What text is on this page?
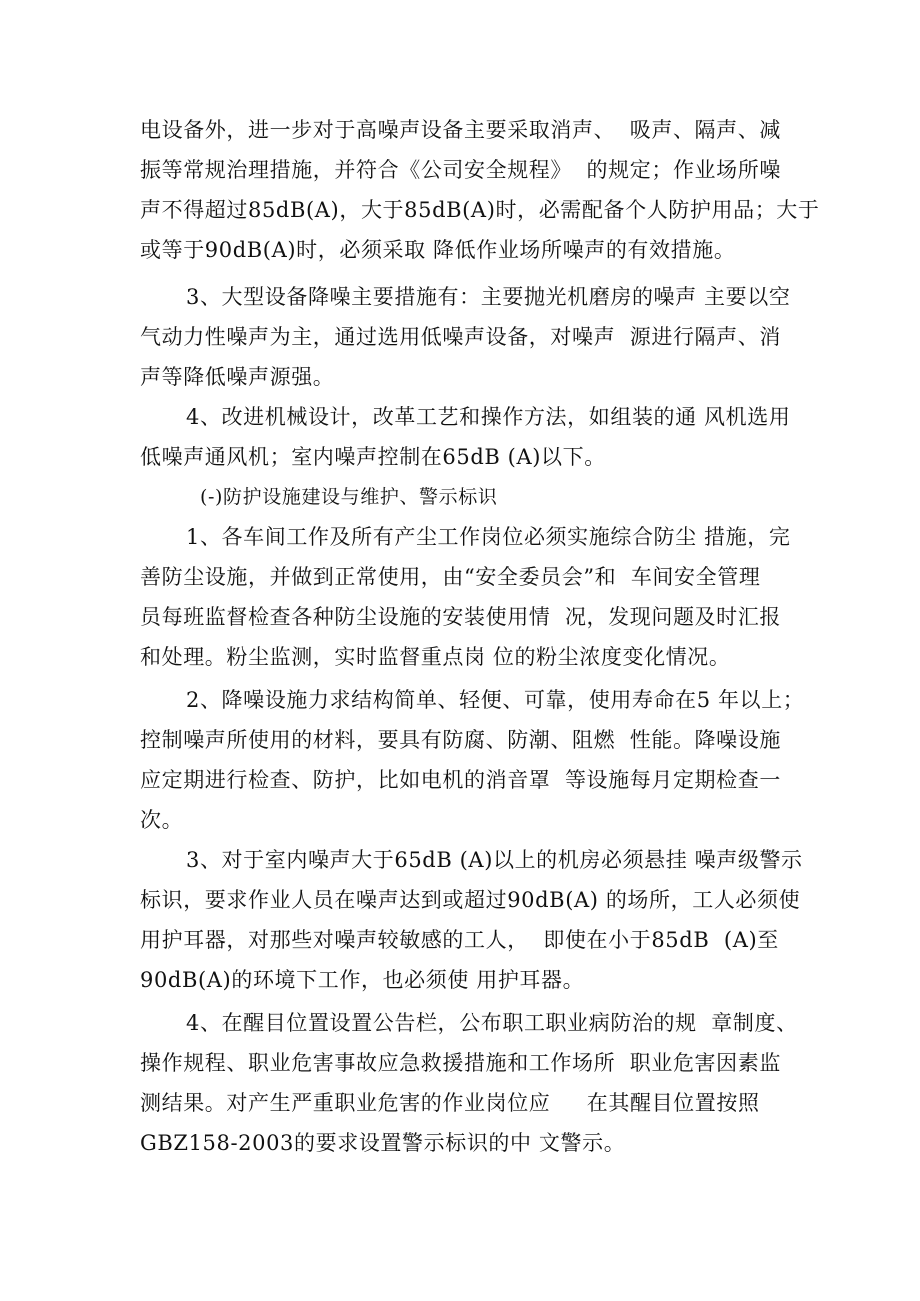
电设备外，进一步对于高噪声设备主要采取消声、  吸声、隔声、减
振等常规治理措施，并符合《公司安全规程》  的规定；作业场所噪
声不得超过85dB(A)，大于85dB(A)时，必需配备个人防护用品；大于
或等于90dB(A)时，必须采取 降低作业场所噪声的有效措施。
3、大型设备降噪主要措施有：主要抛光机磨房的噪声 主要以空
气动力性噪声为主，通过选用低噪声设备，对噪声  源进行隔声、消
声等降低噪声源强。
4、改进机械设计，改革工艺和操作方法，如组装的通 风机选用
低噪声通风机；室内噪声控制在65dB (A)以下。
(-)防护设施建设与维护、警示标识
1、各车间工作及所有产尘工作岗位必须实施综合防尘 措施，完
善防尘设施，并做到正常使用，由“安全委员会”和  车间安全管理
员每班监督检查各种防尘设施的安装使用情  况，发现问题及时汇报
和处理。粉尘监测，实时监督重点岗 位的粉尘浓度变化情况。
2、降噪设施力求结构简单、轻便、可靠，使用寿命在5 年以上；
控制噪声所使用的材料，要具有防腐、防潮、阻燃  性能。降噪设施
应定期进行检查、防护，比如电机的消音罩  等设施每月定期检查一
次。
3、对于室内噪声大于65dB (A)以上的机房必须悬挂 噪声级警示
标识，要求作业人员在噪声达到或超过90dB(A) 的场所，工人必须使
用护耳器，对那些对噪声较敏感的工人，  即使在小于85dB  (A)至
90dB(A)的环境下工作，也必须使 用护耳器。
4、在醒目位置设置公告栏，公布职工职业病防治的规  章制度、
操作规程、职业危害事故应急救援措施和工作场所  职业危害因素监
测结果。对产生严重职业危害的作业岗位应     在其醒目位置按照
GBZ158-2003的要求设置警示标识的中 文警示。
